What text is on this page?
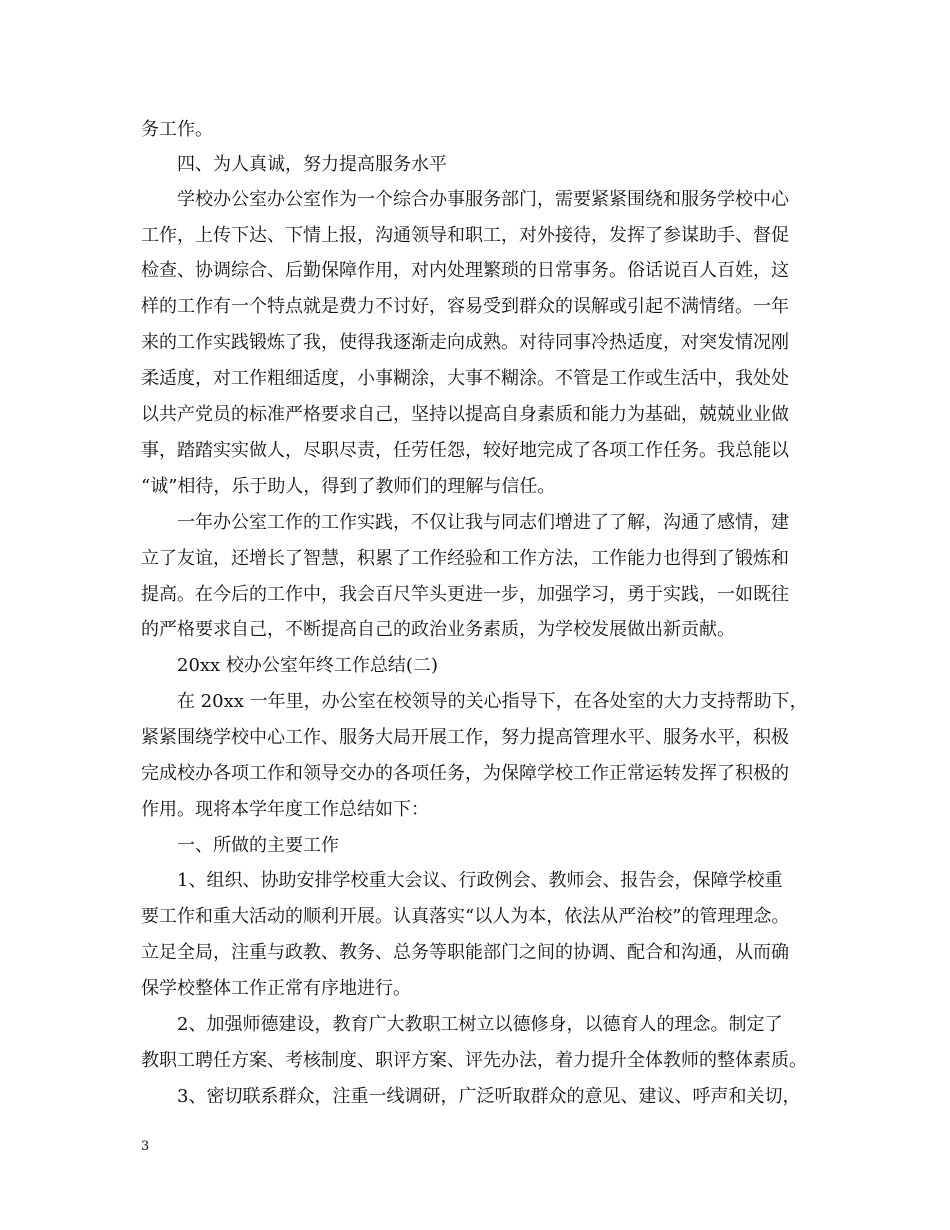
务工作。
四、为人真诚，努力提高服务水平
学校办公室办公室作为一个综合办事服务部门，需要紧紧围绕和服务学校中心
工作，上传下达、下情上报，沟通领导和职工，对外接待，发挥了参谋助手、督促
检查、协调综合、后勤保障作用，对内处理繁琐的日常事务。俗话说百人百姓，这
样的工作有一个特点就是费力不讨好，容易受到群众的误解或引起不满情绪。一年
来的工作实践锻炼了我，使得我逐渐走向成熟。对待同事冷热适度，对突发情况刚
柔适度，对工作粗细适度，小事糊涂，大事不糊涂。不管是工作或生活中，我处处
以共产党员的标准严格要求自己，坚持以提高自身素质和能力为基础，兢兢业业做
事，踏踏实实做人，尽职尽责，任劳任怨，较好地完成了各项工作任务。我总能以
“诚”相待，乐于助人，得到了教师们的理解与信任。
一年办公室工作的工作实践，不仅让我与同志们增进了了解，沟通了感情，建
立了友谊，还增长了智慧，积累了工作经验和工作方法，工作能力也得到了锻炼和
提高。在今后的工作中，我会百尺竿头更进一步，加强学习，勇于实践，一如既往
的严格要求自己，不断提高自己的政治业务素质，为学校发展做出新贡献。
20xx 校办公室年终工作总结(二)
在 20xx 一年里，办公室在校领导的关心指导下，在各处室的大力支持帮助下，
紧紧围绕学校中心工作、服务大局开展工作，努力提高管理水平、服务水平，积极
完成校办各项工作和领导交办的各项任务，为保障学校工作正常运转发挥了积极的
作用。现将本学年度工作总结如下：
一、所做的主要工作
1、组织、协助安排学校重大会议、行政例会、教师会、报告会，保障学校重
要工作和重大活动的顺利开展。认真落实“以人为本，依法从严治校”的管理理念。
立足全局，注重与政教、教务、总务等职能部门之间的协调、配合和沟通，从而确
保学校整体工作正常有序地进行。
2、加强师德建设，教育广大教职工树立以德修身，以德育人的理念。制定了
教职工聘任方案、考核制度、职评方案、评先办法，着力提升全体教师的整体素质。
3、密切联系群众，注重一线调研，广泛听取群众的意见、建议、呼声和关切，
3
